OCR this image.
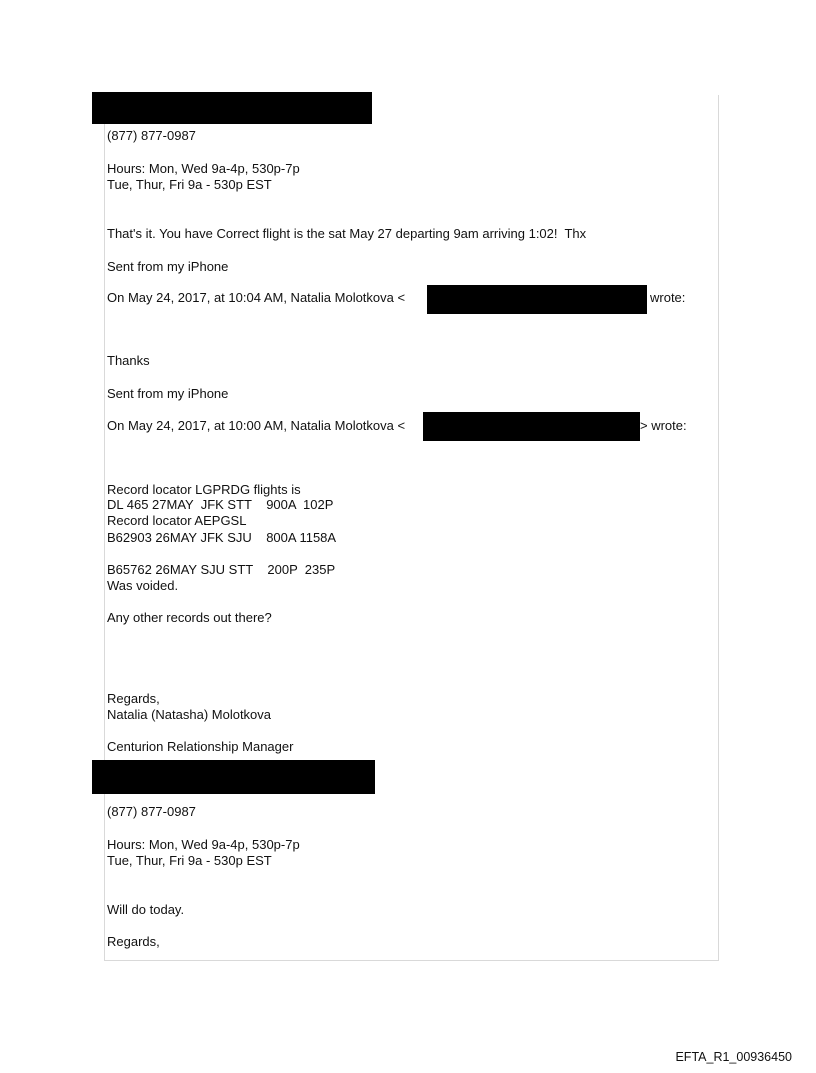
(877) 877-0987

Hours: Mon, Wed 9a-4p, 530p-7p

Tue, Thur, Fri 9a - 530p EST

That's it. You have Correct flight is the sat May 27 departing 9am arriving 1:02!  Thx

Sent from my iPhone

On May 24, 2017, at 10:04 AM, Natalia Molotkova <	wrote:

Thanks

Sent from my iPhone

On May 24, 2017, at 10:00 AM, Natalia Molotkova <	> wrote:

Record locator LGPRDG flights is

DL 465 27MAY  JFK STT    900A  102P

Record locator AEPGSL

B62903 26MAY JFK SJU    800A 1158A

B65762 26MAY SJU STT    200P  235P

Was voided.

Any other records out there?

Regards,

Natalia (Natasha) Molotkova

Centurion Relationship Manager

(877) 877-0987

Hours: Mon, Wed 9a-4p, 530p-7p

Tue, Thur, Fri 9a - 530p EST

Will do today.

Regards,

EFTA_R1_00936450
